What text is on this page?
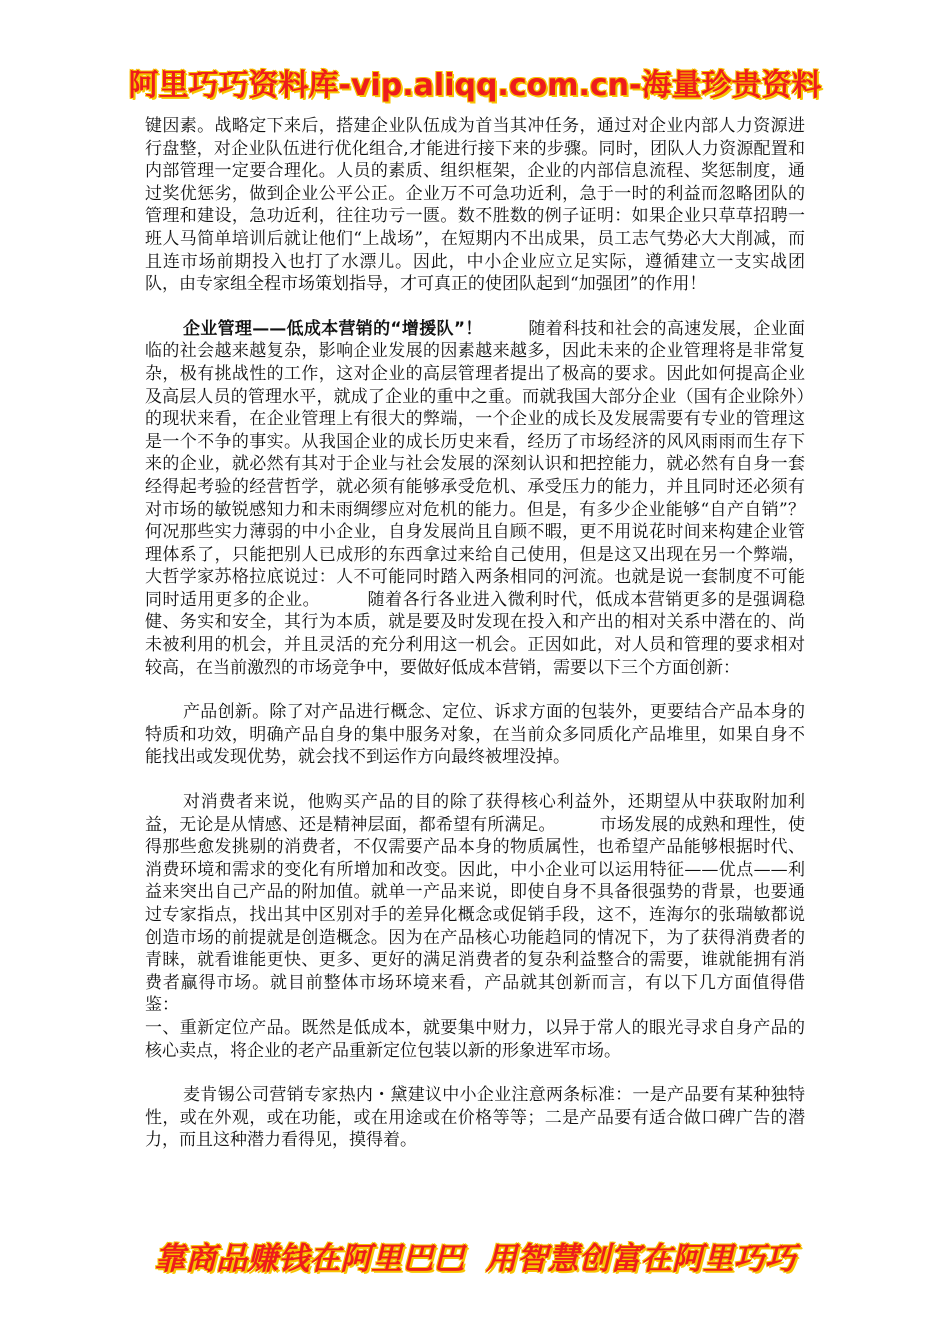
阿里巧巧资料库-vip.aliqq.com.cn-海量珍贵资料

键因素。战略定下来后，搭建企业队伍成为首当其冲任务，通过对企业内部人力资源进行盘整，对企业队伍进行优化组合,才能进行接下来的步骤。同时，团队人力资源配置和内部管理一定要合理化。人员的素质、组织框架，企业的内部信息流程、奖惩制度，通过奖优惩劣，做到企业公平公正。企业万不可急功近利，急于一时的利益而忽略团队的管理和建设，急功近利，往往功亏一匮。数不胜数的例子证明：如果企业只草草招聘一班人马简单培训后就让他们“上战场”，在短期内不出成果，员工志气势必大大削减，而且连市场前期投入也打了水漂儿。因此，中小企业应立足实际，遵循建立一支实战团队，由专家组全程市场策划指导，才可真正的使团队起到“加强团”的作用！

企业管理——低成本营销的“增援队”！        随着科技和社会的高速发展，企业面临的社会越来越复杂，影响企业发展的因素越来越多，因此未来的企业管理将是非常复杂，极有挑战性的工作，这对企业的高层管理者提出了极高的要求。因此如何提高企业及高层人员的管理水平，就成了企业的重中之重。而就我国大部分企业（国有企业除外）的现状来看，在企业管理上有很大的弊端，一个企业的成长及发展需要有专业的管理这是一个不争的事实。从我国企业的成长历史来看，经历了市场经济的风风雨雨而生存下来的企业，就必然有其对于企业与社会发展的深刻认识和把控能力，就必然有自身一套经得起考验的经营哲学，就必须有能够承受危机、承受压力的能力，并且同时还必须有对市场的敏锐感知力和未雨绸缪应对危机的能力。但是，有多少企业能够“自产自销”？何况那些实力薄弱的中小企业，自身发展尚且自顾不暇，更不用说花时间来构建企业管理体系了，只能把别人已成形的东西拿过来给自己使用，但是这又出现在另一个弊端，大哲学家苏格拉底说过：人不可能同时踏入两条相同的河流。也就是说一套制度不可能同时适用更多的企业。        随着各行各业进入微利时代，低成本营销更多的是强调稳健、务实和安全，其行为本质，就是要及时发现在投入和产出的相对关系中潜在的、尚未被利用的机会，并且灵活的充分利用这一机会。正因如此，对人员和管理的要求相对较高，在当前激烈的市场竞争中，要做好低成本营销，需要以下三个方面创新：

产品创新。除了对产品进行概念、定位、诉求方面的包装外，更要结合产品本身的特质和功效，明确产品自身的集中服务对象，在当前众多同质化产品堆里，如果自身不能找出或发现优势，就会找不到运作方向最终被埋没掉。

对消费者来说，他购买产品的目的除了获得核心利益外，还期望从中获取附加利益，无论是从情感、还是精神层面，都希望有所满足。        市场发展的成熟和理性，使得那些愈发挑剔的消费者，不仅需要产品本身的物质属性，也希望产品能够根据时代、消费环境和需求的变化有所增加和改变。因此，中小企业可以运用特征——优点——利益来突出自己产品的附加值。就单一产品来说，即使自身不具备很强势的背景，也要通过专家指点，找出其中区别对手的差异化概念或促销手段，这不，连海尔的张瑞敏都说创造市场的前提就是创造概念。因为在产品核心功能趋同的情况下，为了获得消费者的青睐，就看谁能更快、更多、更好的满足消费者的复杂利益整合的需要，谁就能拥有消费者赢得市场。就目前整体市场环境来看，产品就其创新而言，有以下几方面值得借鉴：

一、重新定位产品。既然是低成本，就要集中财力，以异于常人的眼光寻求自身产品的核心卖点，将企业的老产品重新定位包装以新的形象进军市场。

麦肯锡公司营销专家热内・黛建议中小企业注意两条标准：一是产品要有某种独特性，或在外观，或在功能，或在用途或在价格等等；二是产品要有适合做口碑广告的潜力，而且这种潜力看得见，摸得着。

靠商品赚钱在阿里巴巴  用智慧创富在阿里巧巧
